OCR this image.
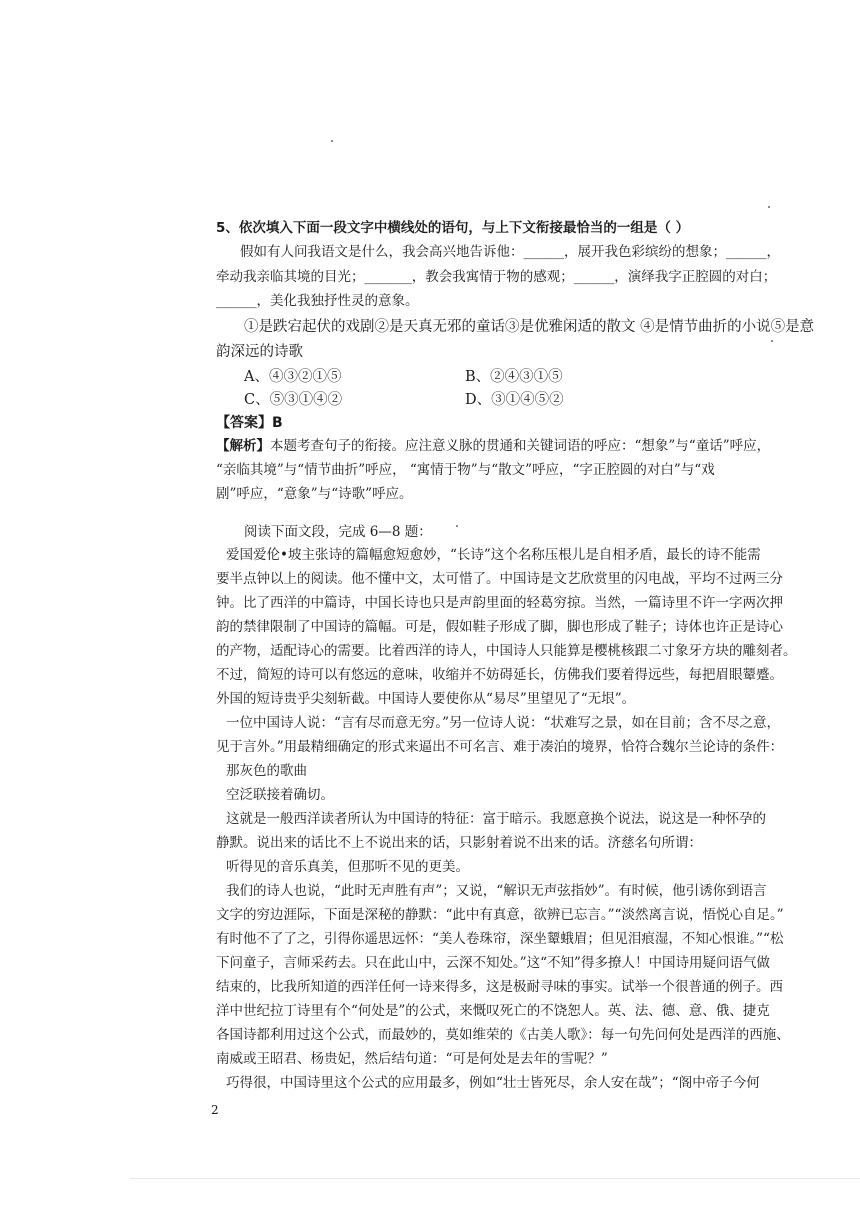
5、依次填入下面一段文字中横线处的语句，与上下文衔接最恰当的一组是（ ）
假如有人问我语文是什么，我会高兴地告诉他：______，展开我色彩缤纷的想象；______，
牵动我亲临其境的目光；_______，教会我寓情于物的感观；______，演绎我字正腔圆的对白；
______，美化我独抒性灵的意象。
①是跌宕起伏的戏剧②是天真无邪的童话③是优雅闲适的散文 ④是情节曲折的小说⑤是意
韵深远的诗歌
A、④③②①⑤	B、②④③①⑤
C、⑤③①④②	D、③①④⑤②
【答案】B
【解析】本题考查句子的衔接。应注意义脉的贯通和关键词语的呼应：“想象”与“童话”呼应，
“亲临其境”与“情节曲折”呼应， “寓情于物”与“散文”呼应，“字正腔圆的对白”与“戏
剧”呼应，“意象”与“诗歌”呼应。
阅读下面文段，完成 6—8 题：
爱国爱伦•坡主张诗的篇幅愈短愈妙，“长诗”这个名称压根儿是自相矛盾，最长的诗不能需
要半点钟以上的阅读。他不懂中文，太可惜了。中国诗是文艺欣赏里的闪电战，平均不过两三分
钟。比了西洋的中篇诗，中国长诗也只是声韵里面的轻葛穷掠。当然，一篇诗里不许一字两次押
韵的禁律限制了中国诗的篇幅。可是，假如鞋子形成了脚，脚也形成了鞋子；诗体也许正是诗心
的产物，适配诗心的需要。比着西洋的诗人，中国诗人只能算是樱桃核跟二寸象牙方块的雕刻者。
不过，简短的诗可以有悠远的意味，收缩并不妨碍延长，仿佛我们要着得远些，每把眉眼颦蹙。
外国的短诗贵乎尖刻斩截。中国诗人要使你从“易尽”里望见了“无垠”。
一位中国诗人说：“言有尽而意无穷。”另一位诗人说：“状难写之景，如在目前；含不尽之意，
见于言外。”用最精细确定的形式来逼出不可名言、难于凑泊的境界，恰符合魏尔兰论诗的条件：
那灰色的歌曲
空泛联接着确切。
这就是一般西洋读者所认为中国诗的特征：富于暗示。我愿意换个说法，说这是一种怀孕的
静默。说出来的话比不上不说出来的话，只影射着说不出来的话。济慈名句所谓：
听得见的音乐真美，但那听不见的更美。
我们的诗人也说，“此时无声胜有声”；又说，“解识无声弦指妙”。有时候，他引诱你到语言
文字的穷边涯际，下面是深秘的静默：“此中有真意，欲辨已忘言。”“淡然离言说，悟悦心自足。”
有时他不了了之，引得你遥思远怀：“美人卷珠帘，深坐颦蛾眉；但见泪痕湿，不知心恨谁。”“松
下问童子，言师采药去。只在此山中，云深不知处。”这“不知”得多撩人！中国诗用疑问语气做
结束的，比我所知道的西洋任何一诗来得多，这是极耐寻味的事实。试举一个很普通的例子。西
洋中世纪拉丁诗里有个“何处是”的公式，来慨叹死亡的不饶恕人。英、法、德、意、俄、捷克
各国诗都利用过这个公式，而最妙的，莫如维荣的《古美人歌》：每一句先问何处是西洋的西施、
南威或王昭君、杨贵妃，然后结句道：“可是何处是去年的雪呢？”
巧得很，中国诗里这个公式的应用最多，例如“壮士皆死尽，余人安在哉”；“阁中帝子今何
2
